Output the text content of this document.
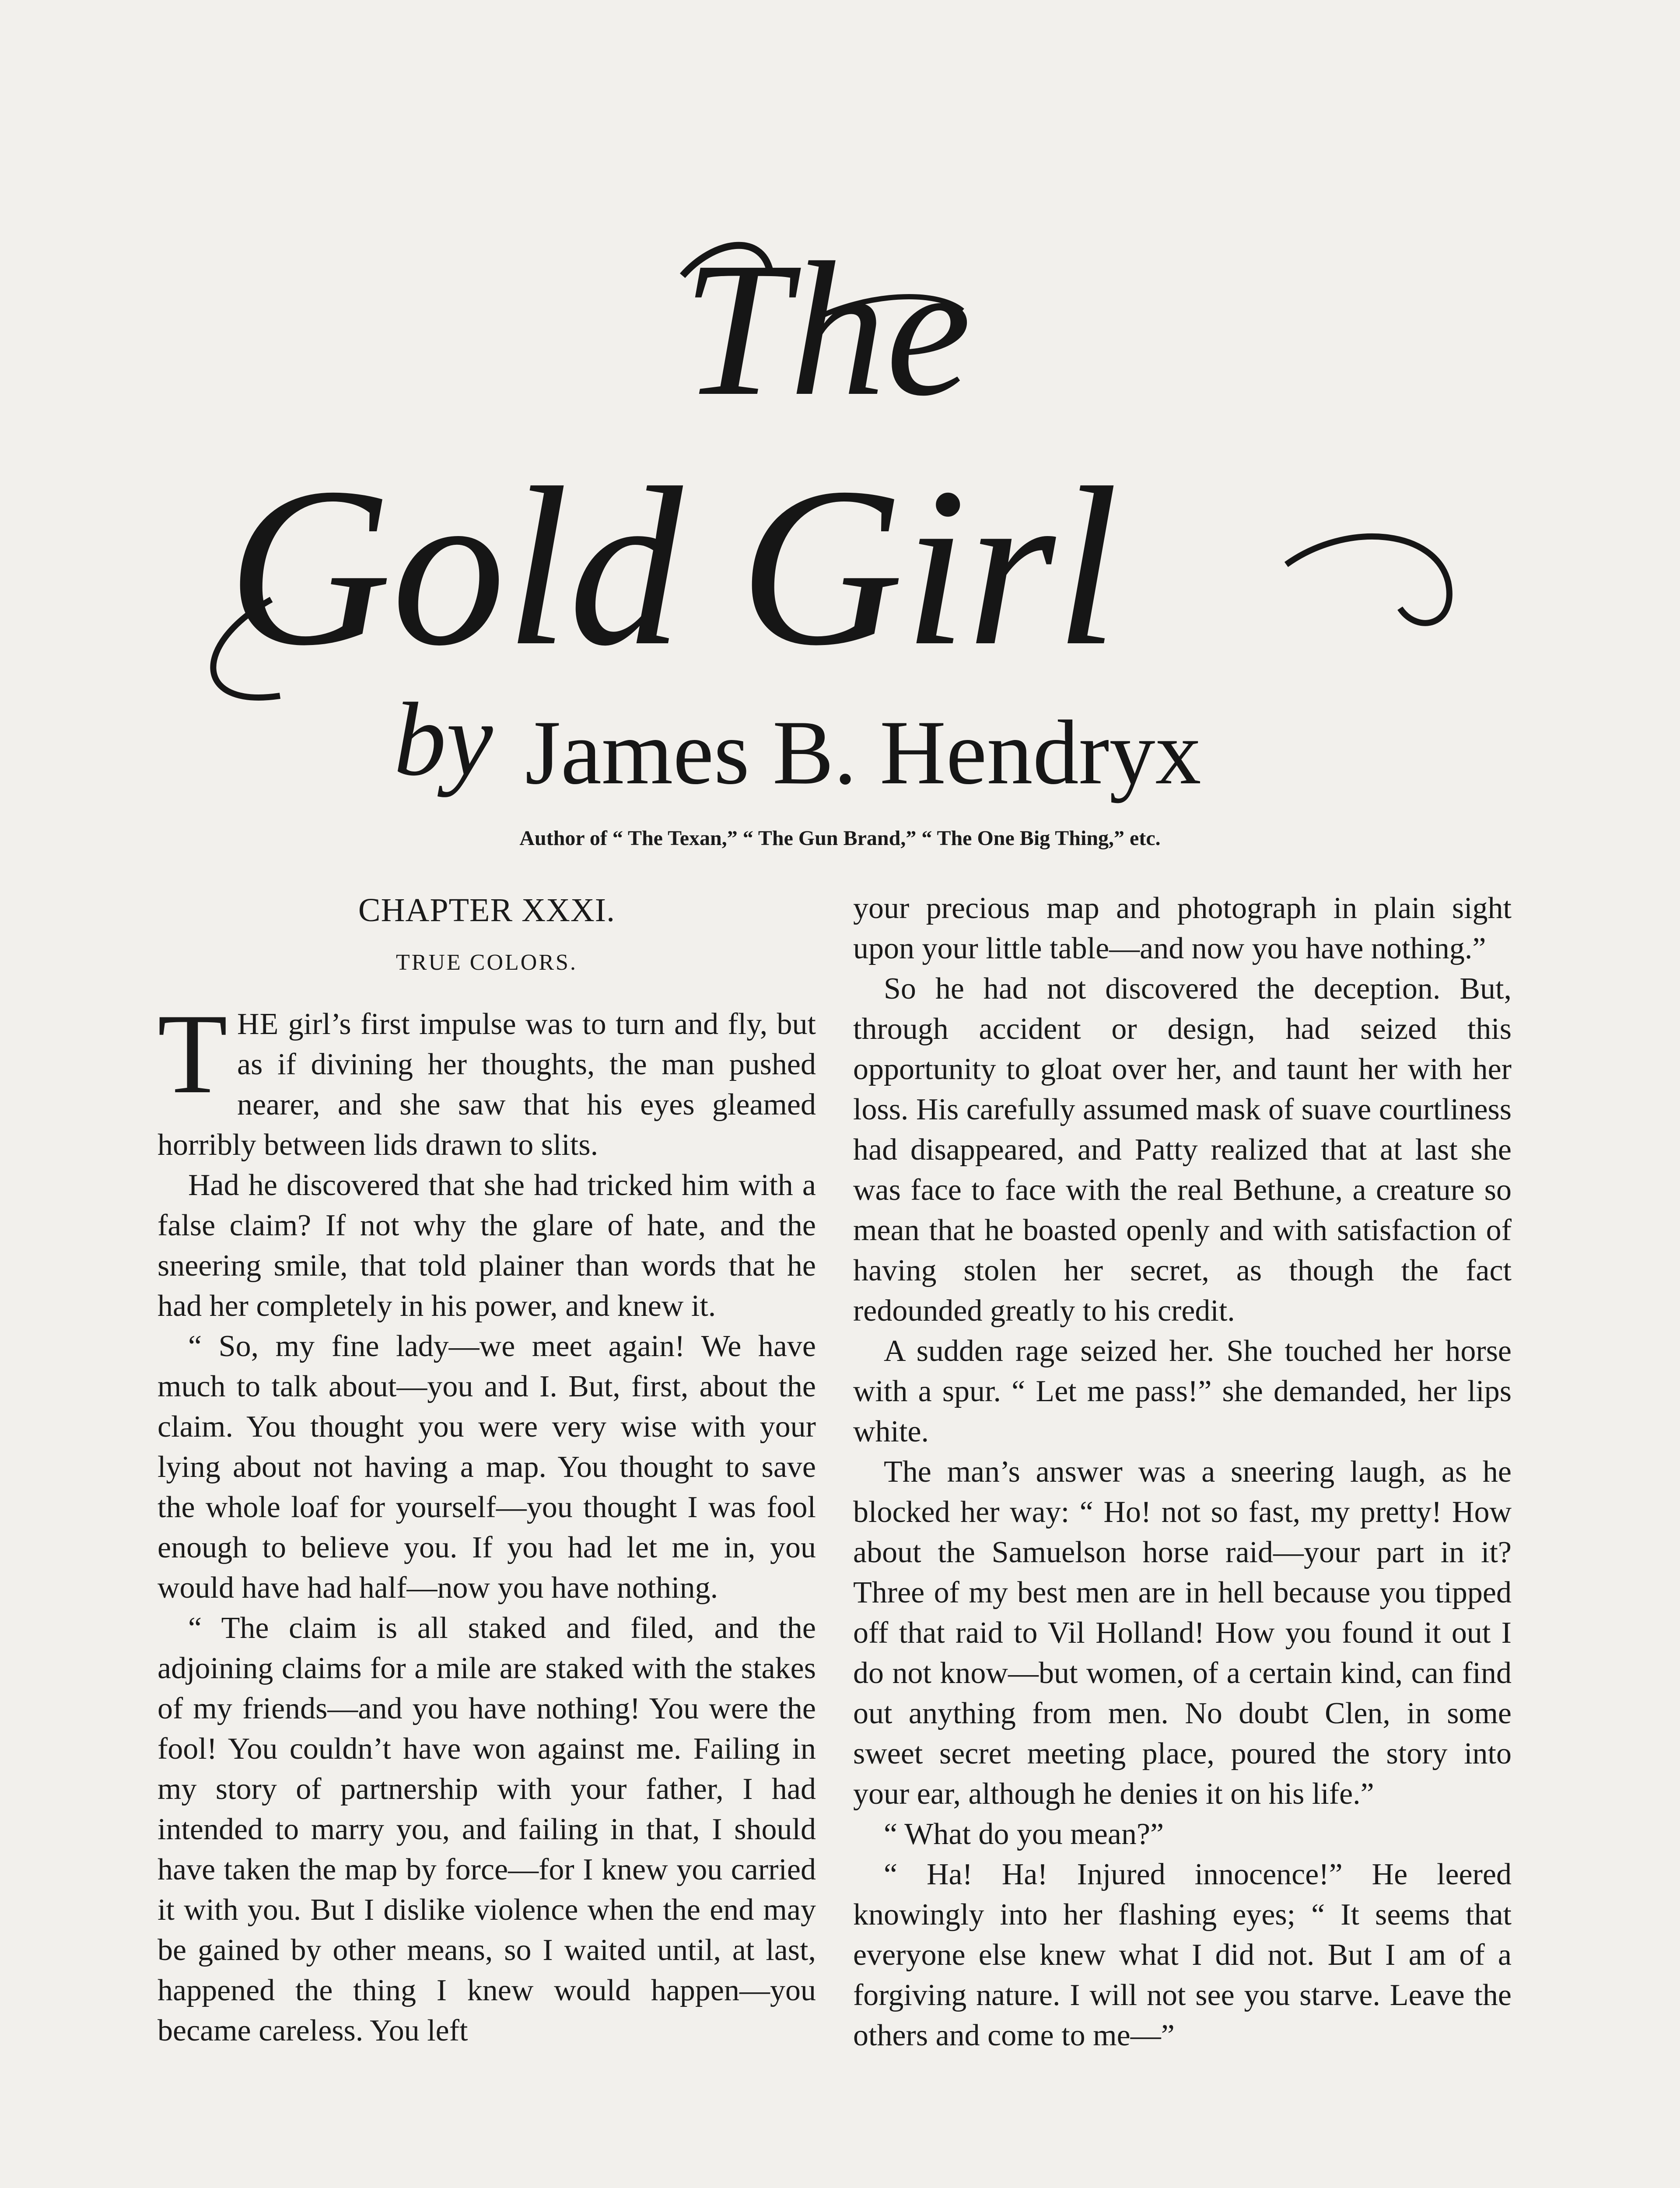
The
Gold Girl
by James B. Hendryx
Author of “ The Texan,” “ The Gun Brand,” “ The One Big Thing,” etc.
CHAPTER XXXI.
TRUE COLORS.

THE girl’s first impulse was to turn and fly, but as if divining her thoughts, the man pushed nearer, and she saw that his eyes gleamed horribly between lids drawn to slits.

Had he discovered that she had tricked him with a false claim? If not why the glare of hate, and the sneering smile, that told plainer than words that he had her completely in his power, and knew it.

“ So, my fine lady—we meet again! We have much to talk about—you and I. But, first, about the claim. You thought you were very wise with your lying about not having a map. You thought to save the whole loaf for yourself—you thought I was fool enough to believe you. If you had let me in, you would have had half—now you have nothing.

“ The claim is all staked and filed, and the adjoining claims for a mile are staked with the stakes of my friends—and you have nothing! You were the fool! You couldn’t have won against me. Failing in my story of partnership with your father, I had intended to marry you, and failing in that, I should have taken the map by force—for I knew you carried it with you. But I dislike violence when the end may be gained by other means, so I waited until, at last, happened the thing I knew would happen—you became careless. You left

your precious map and photograph in plain sight upon your little table—and now you have nothing.”

So he had not discovered the deception. But, through accident or design, had seized this opportunity to gloat over her, and taunt her with her loss. His carefully assumed mask of suave courtliness had disappeared, and Patty realized that at last she was face to face with the real Bethune, a creature so mean that he boasted openly and with satisfaction of having stolen her secret, as though the fact redounded greatly to his credit.

A sudden rage seized her. She touched her horse with a spur. “ Let me pass!” she demanded, her lips white.

The man’s answer was a sneering laugh, as he blocked her way: “ Ho! not so fast, my pretty! How about the Samuelson horse raid—your part in it? Three of my best men are in hell because you tipped off that raid to Vil Holland! How you found it out I do not know—but women, of a certain kind, can find out anything from men. No doubt Clen, in some sweet secret meeting place, poured the story into your ear, although he denies it on his life.”

“ What do you mean?”

“ Ha! Ha! Injured innocence!” He leered knowingly into her flashing eyes; “ It seems that everyone else knew what I did not. But I am of a forgiving nature. I will not see you starve. Leave the others and come to me—”
